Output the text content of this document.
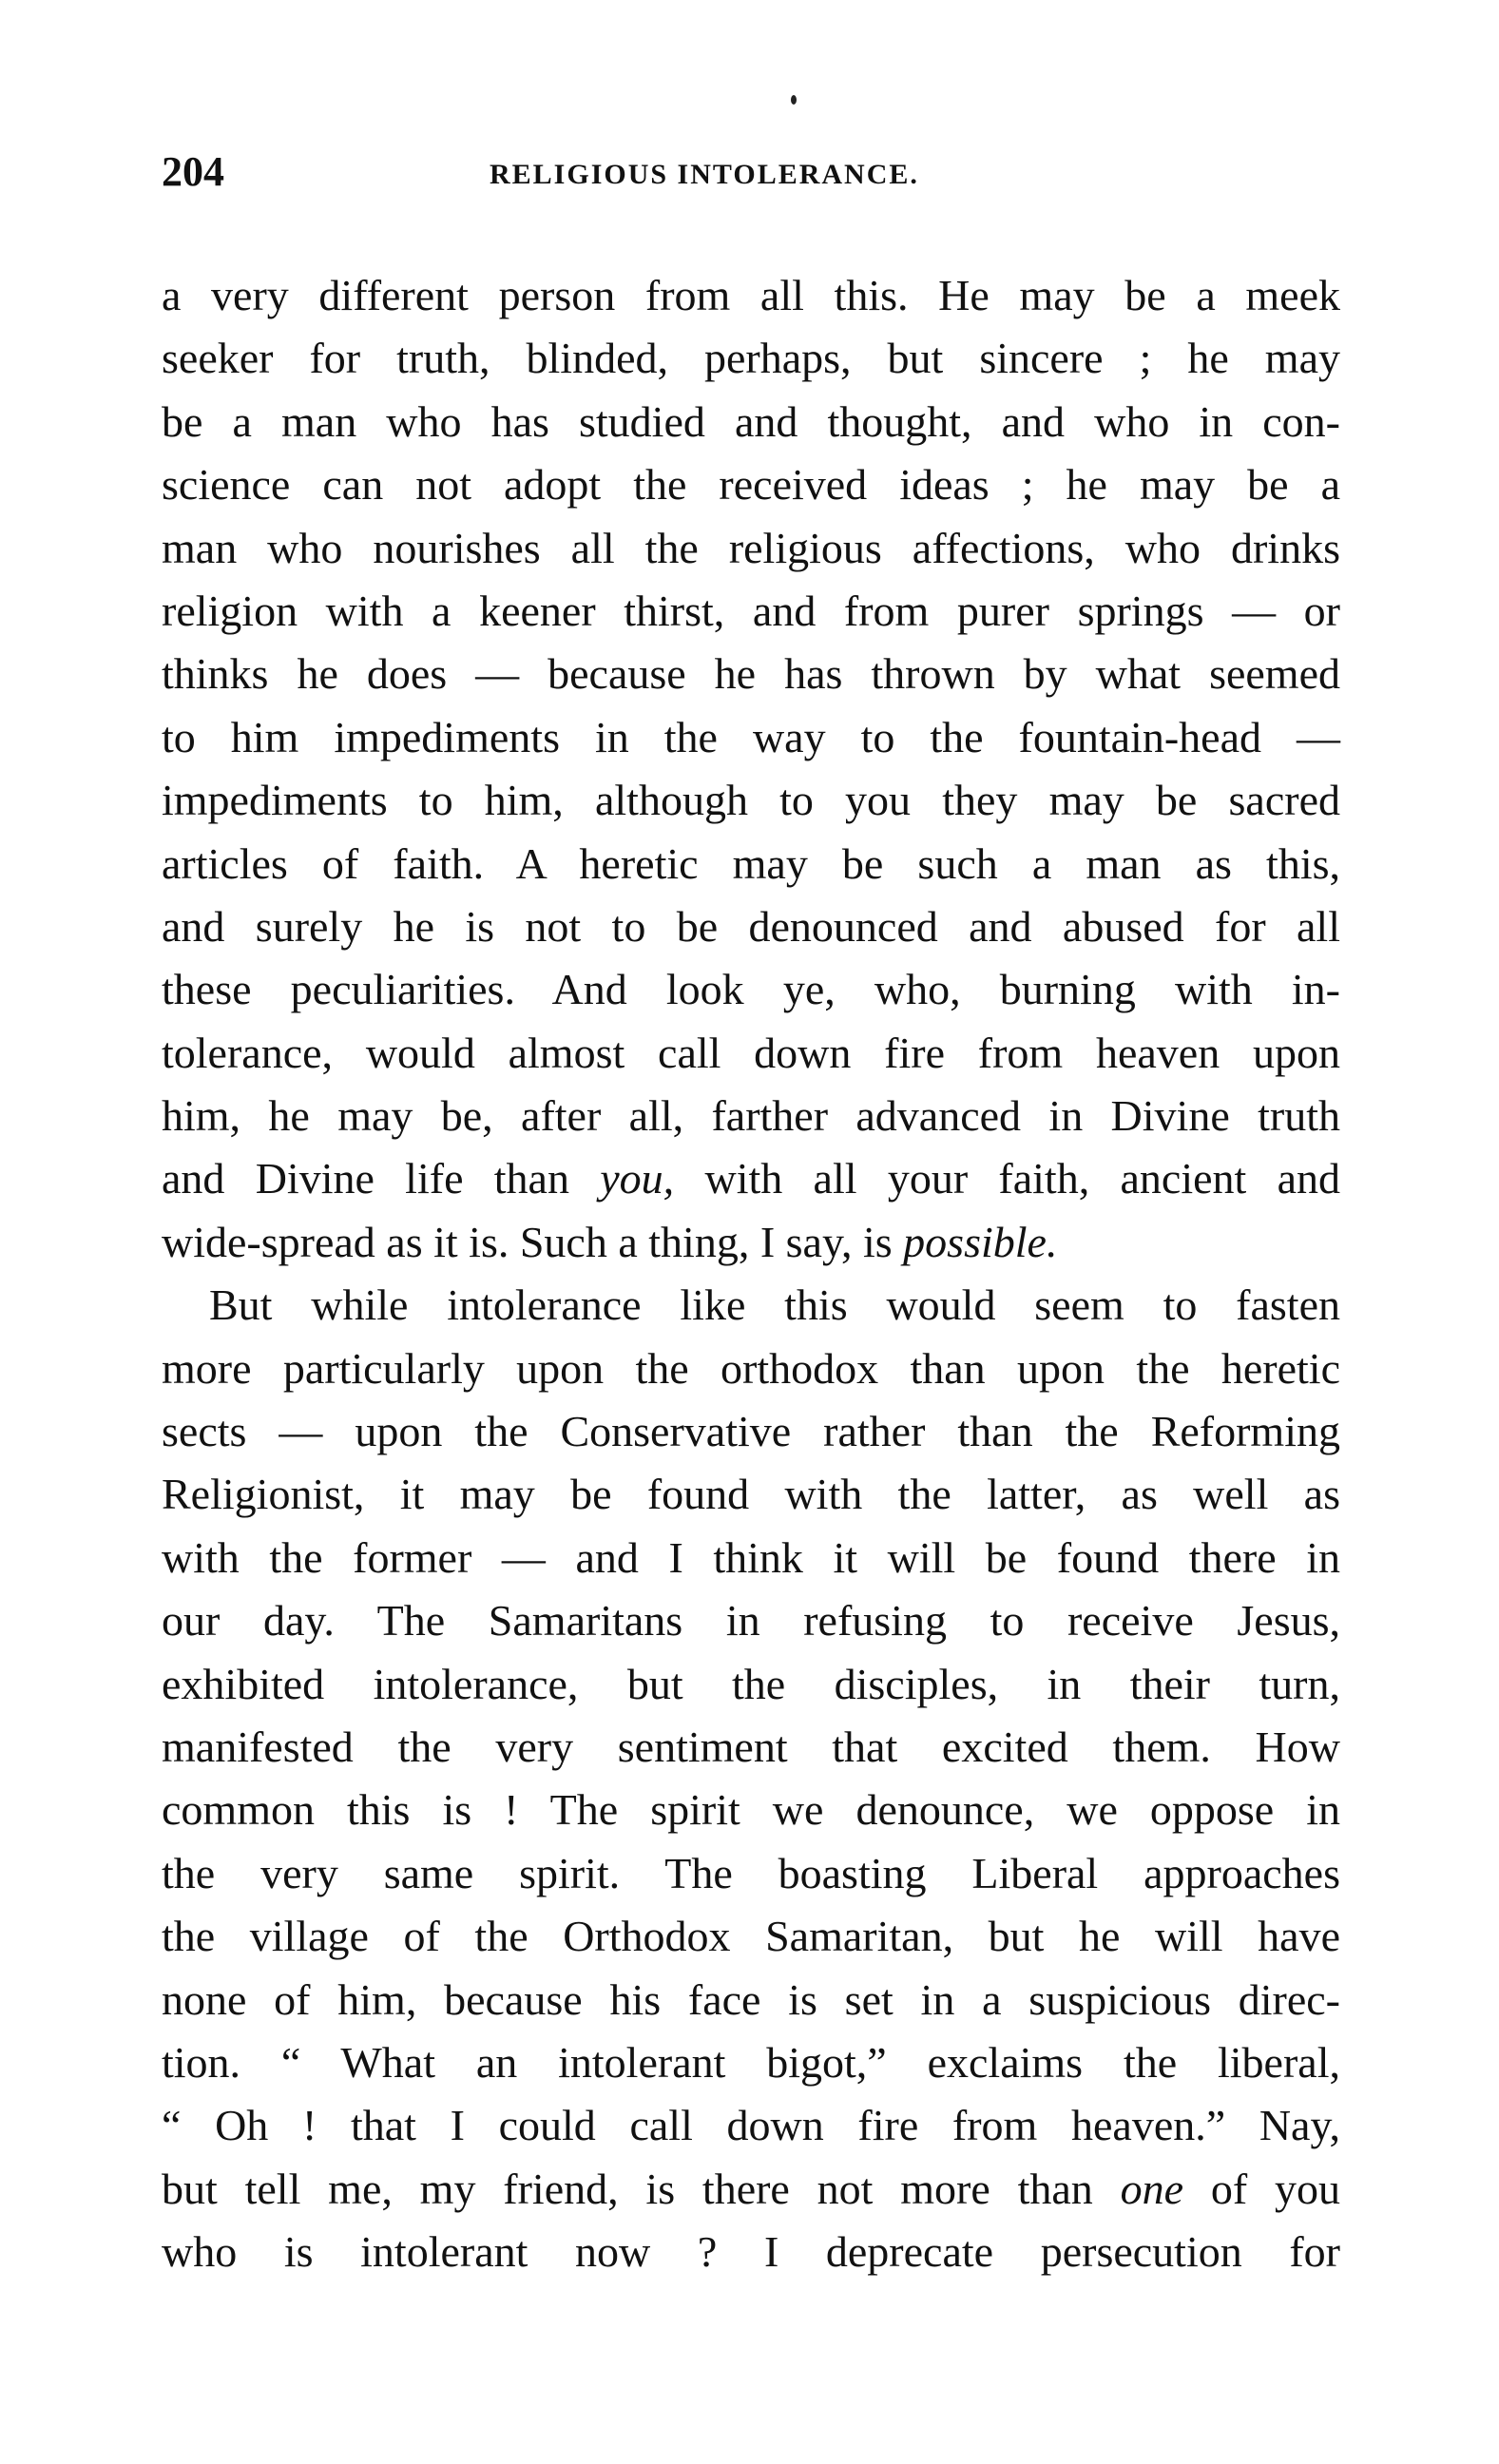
204	RELIGIOUS INTOLERANCE.
a very different person from all this. He may be a meek
seeker for truth, blinded, perhaps, but sincere ; he may
be a man who has studied and thought, and who in con-
science can not adopt the received ideas ; he may be a
man who nourishes all the religious affections, who drinks
religion with a keener thirst, and from purer springs — or
thinks he does — because he has thrown by what seemed
to him impediments in the way to the fountain-head —
impediments to him, although to you they may be sacred
articles of faith. A heretic may be such a man as this,
and surely he is not to be denounced and abused for all
these peculiarities. And look ye, who, burning with in-
tolerance, would almost call down fire from heaven upon
him, he may be, after all, farther advanced in Divine truth
and Divine life than you, with all your faith, ancient and
wide-spread as it is. Such a thing, I say, is possible.
But while intolerance like this would seem to fasten
more particularly upon the orthodox than upon the heretic
sects — upon the Conservative rather than the Reforming
Religionist, it may be found with the latter, as well as
with the former — and I think it will be found there in
our day. The Samaritans in refusing to receive Jesus,
exhibited intolerance, but the disciples, in their turn,
manifested the very sentiment that excited them. How
common this is ! The spirit we denounce, we oppose in
the very same spirit. The boasting Liberal approaches
the village of the Orthodox Samaritan, but he will have
none of him, because his face is set in a suspicious direc-
tion. “ What an intolerant bigot,” exclaims the liberal,
“ Oh ! that I could call down fire from heaven.” Nay,
but tell me, my friend, is there not more than one of you
who is intolerant now ? I deprecate persecution for
